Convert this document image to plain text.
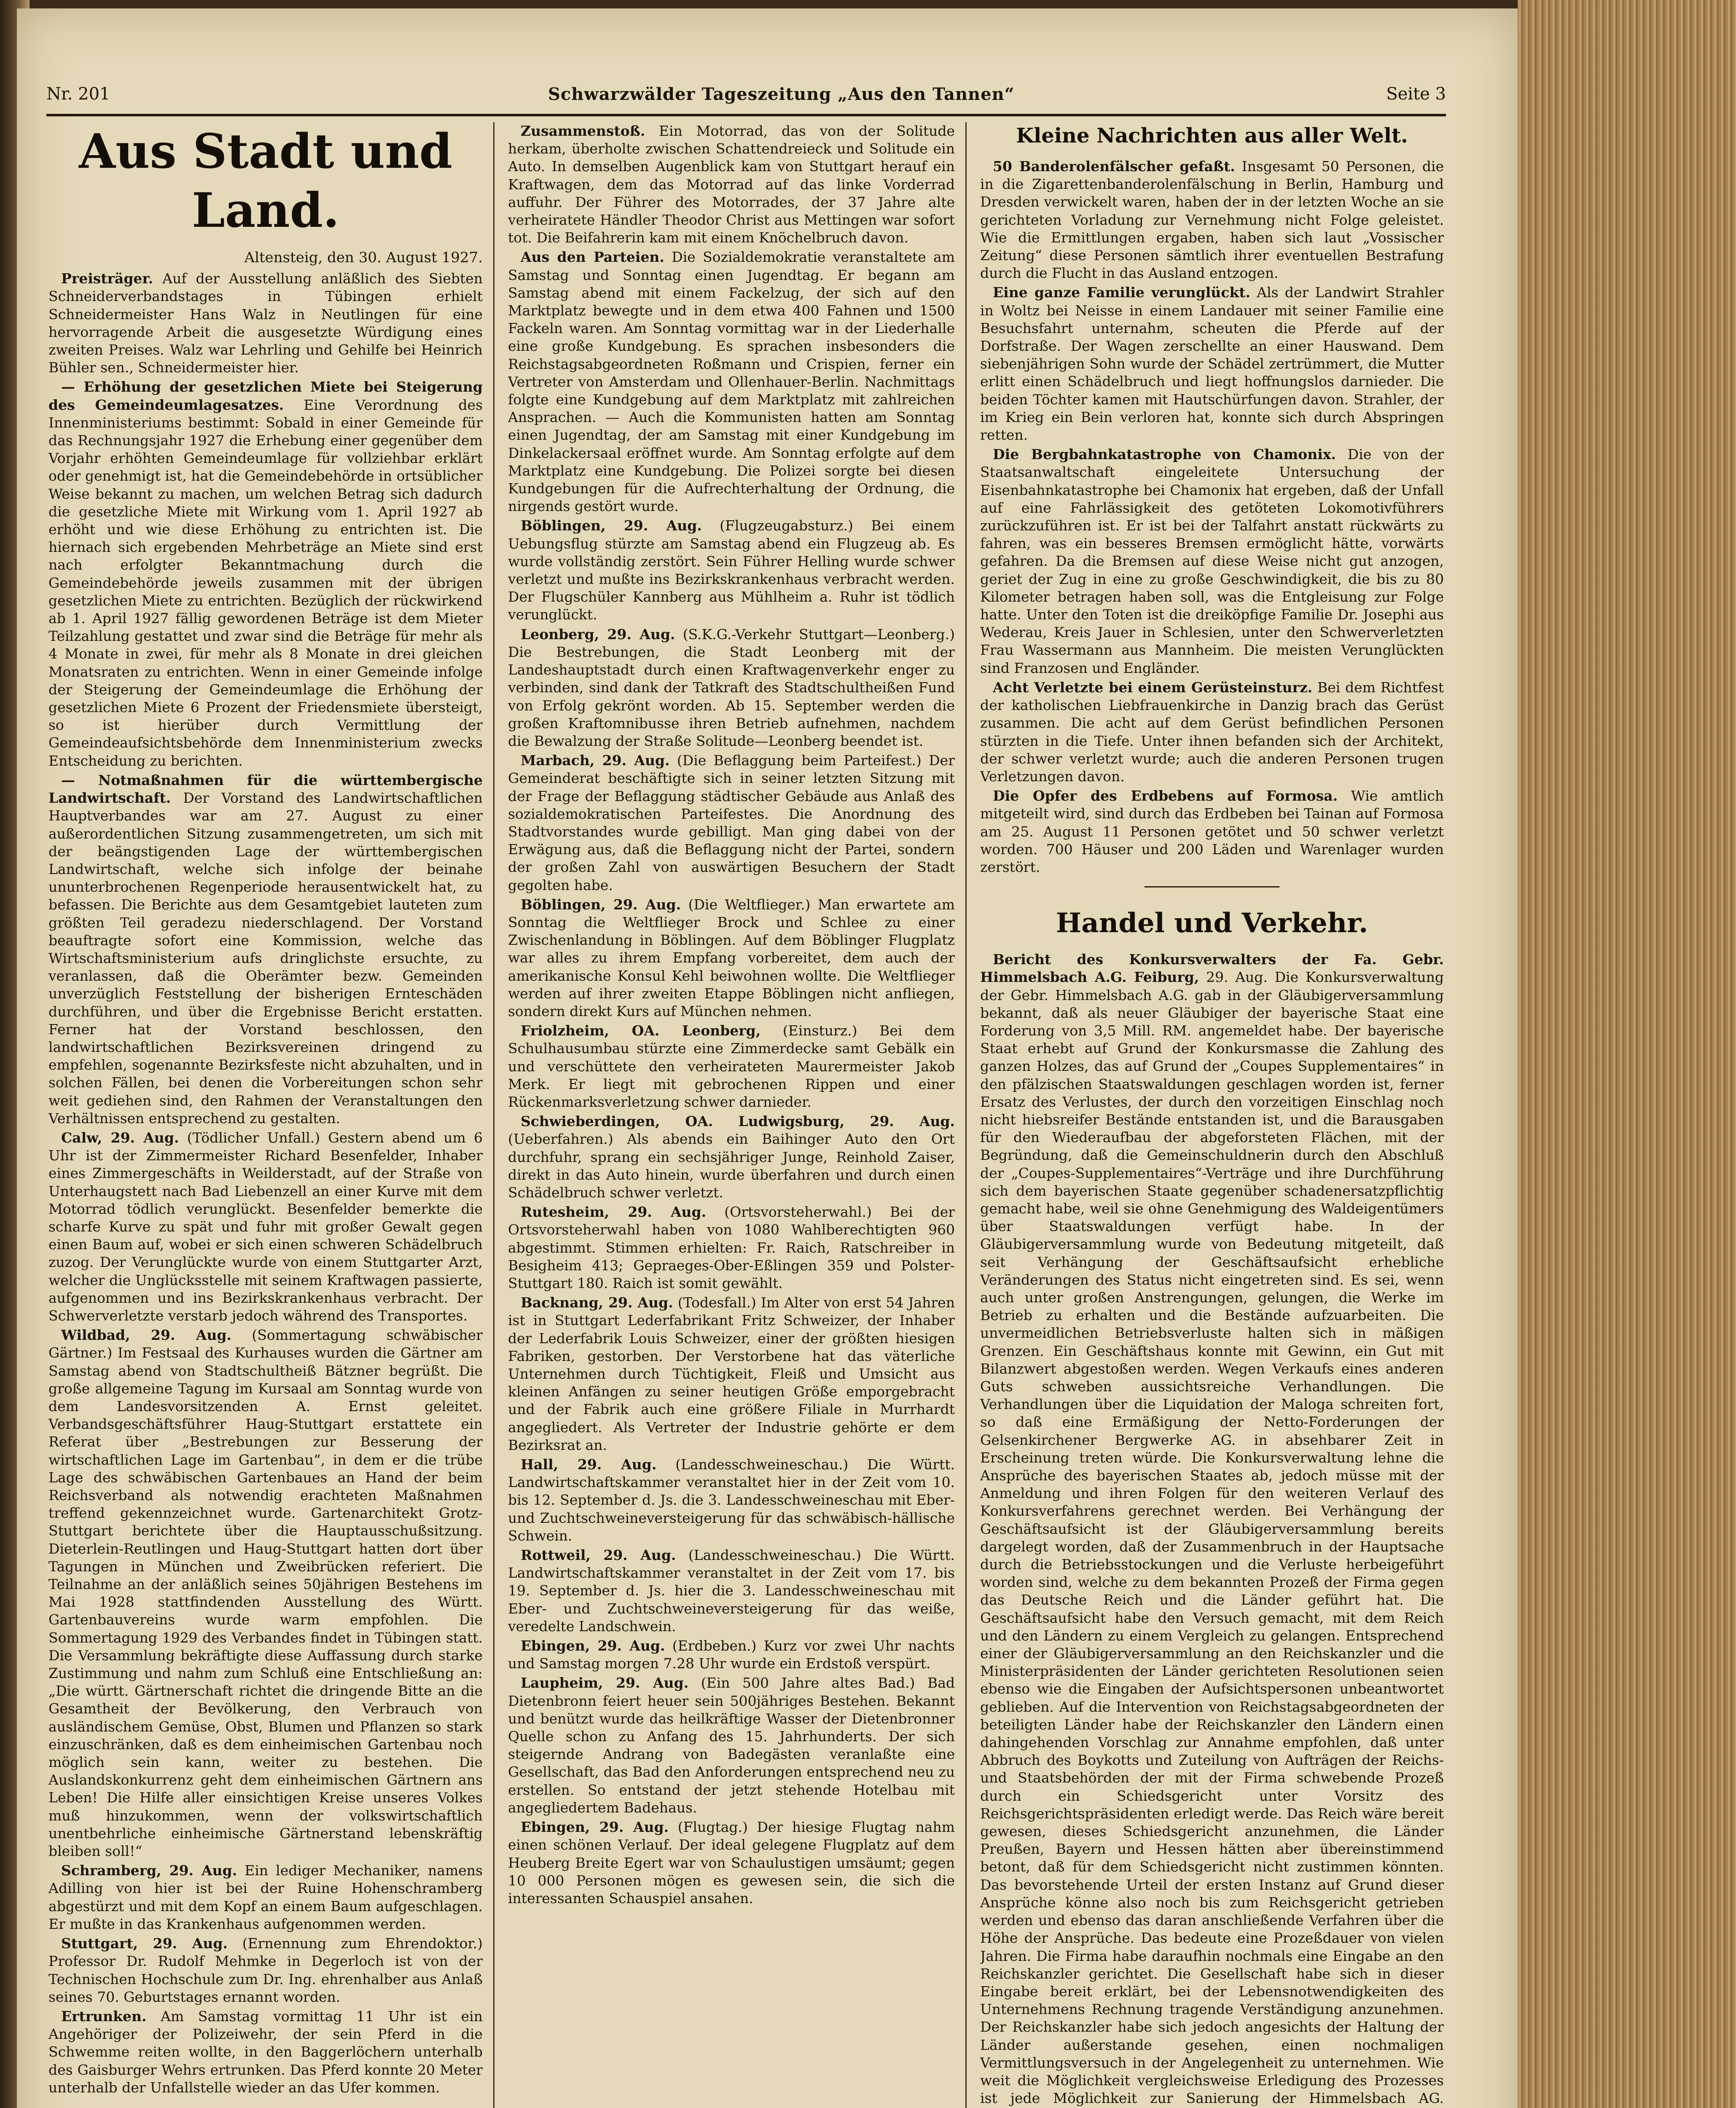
Nr. 201	Schwarzwälder Tageszeitung „Aus den Tannen“	Seite 3
Aus Stadt und Land.
Altensteig, den 30. August 1927.

Preisträger. Auf der Ausstellung anläßlich des Siebten Schneiderverbandstages in Tübingen erhielt Schneidermeister Hans Walz in Neutlingen für eine hervorragende Arbeit die ausgesetzte Würdigung eines zweiten Preises. Walz war Lehrling und Gehilfe bei Heinrich Bühler sen., Schneidermeister hier.

— Erhöhung der gesetzlichen Miete bei Steigerung des Gemeindeumlagesatzes. Eine Verordnung des Innenministeriums bestimmt: Sobald in einer Gemeinde für das Rechnungsjahr 1927 die Erhebung einer gegenüber dem Vorjahr erhöhten Gemeindeumlage für vollziehbar erklärt oder genehmigt ist, hat die Gemeindebehörde in ortsüblicher Weise bekannt zu machen, um welchen Betrag sich dadurch die gesetzliche Miete mit Wirkung vom 1. April 1927 ab erhöht und wie diese Erhöhung zu entrichten ist. Die hiernach sich ergebenden Mehrbeträge an Miete sind erst nach erfolgter Bekanntmachung durch die Gemeindebehörde jeweils zusammen mit der übrigen gesetzlichen Miete zu entrichten. Bezüglich der rückwirkend ab 1. April 1927 fällig gewordenen Beträge ist dem Mieter Teilzahlung gestattet und zwar sind die Beträge für mehr als 4 Monate in zwei, für mehr als 8 Monate in drei gleichen Monatsraten zu entrichten. Wenn in einer Gemeinde infolge der Steigerung der Gemeindeumlage die Erhöhung der gesetzlichen Miete 6 Prozent der Friedensmiete übersteigt, so ist hierüber durch Vermittlung der Gemeindeaufsichtsbehörde dem Innenministerium zwecks Entscheidung zu berichten.

— Notmaßnahmen für die württembergische Landwirtschaft. Der Vorstand des Landwirtschaftlichen Hauptverbandes war am 27. August zu einer außerordentlichen Sitzung zusammengetreten, um sich mit der beängstigenden Lage der württembergischen Landwirtschaft, welche sich infolge der beinahe ununterbrochenen Regenperiode herausentwickelt hat, zu befassen. Die Berichte aus dem Gesamtgebiet lauteten zum größten Teil geradezu niederschlagend. Der Vorstand beauftragte sofort eine Kommission, welche das Wirtschaftsministerium aufs dringlichste ersuchte, zu veranlassen, daß die Oberämter bezw. Gemeinden unverzüglich Feststellung der bisherigen Ernteschäden durchführen, und über die Ergebnisse Bericht erstatten. Ferner hat der Vorstand beschlossen, den landwirtschaftlichen Bezirksvereinen dringend zu empfehlen, sogenannte Bezirksfeste nicht abzuhalten, und in solchen Fällen, bei denen die Vorbereitungen schon sehr weit gediehen sind, den Rahmen der Veranstaltungen den Verhältnissen entsprechend zu gestalten.

Calw, 29. Aug. (Tödlicher Unfall.) Gestern abend um 6 Uhr ist der Zimmermeister Richard Besenfelder, Inhaber eines Zimmergeschäfts in Weilderstadt, auf der Straße von Unterhaugstett nach Bad Liebenzell an einer Kurve mit dem Motorrad tödlich verunglückt. Besenfelder bemerkte die scharfe Kurve zu spät und fuhr mit großer Gewalt gegen einen Baum auf, wobei er sich einen schweren Schädelbruch zuzog. Der Verunglückte wurde von einem Stuttgarter Arzt, welcher die Unglücksstelle mit seinem Kraftwagen passierte, aufgenommen und ins Bezirkskrankenhaus verbracht. Der Schwerverletzte verstarb jedoch während des Transportes.

Wildbad, 29. Aug. (Sommertagung schwäbischer Gärtner.) Im Festsaal des Kurhauses wurden die Gärtner am Samstag abend von Stadtschultheiß Bätzner begrüßt. Die große allgemeine Tagung im Kursaal am Sonntag wurde von dem Landesvorsitzenden A. Ernst geleitet. Verbandsgeschäftsführer Haug-Stuttgart erstattete ein Referat über „Bestrebungen zur Besserung der wirtschaftlichen Lage im Gartenbau“, in dem er die trübe Lage des schwäbischen Gartenbaues an Hand der beim Reichsverband als notwendig erachteten Maßnahmen treffend gekennzeichnet wurde. Gartenarchitekt Grotz-Stuttgart berichtete über die Hauptausschußsitzung. Dieterlein-Reutlingen und Haug-Stuttgart hatten dort über Tagungen in München und Zweibrücken referiert. Die Teilnahme an der anläßlich seines 50jährigen Bestehens im Mai 1928 stattfindenden Ausstellung des Württ. Gartenbauvereins wurde warm empfohlen. Die Sommertagung 1929 des Verbandes findet in Tübingen statt. Die Versammlung bekräftigte diese Auffassung durch starke Zustimmung und nahm zum Schluß eine Entschließung an: „Die württ. Gärtnerschaft richtet die dringende Bitte an die Gesamtheit der Bevölkerung, den Verbrauch von ausländischem Gemüse, Obst, Blumen und Pflanzen so stark einzuschränken, daß es dem einheimischen Gartenbau noch möglich sein kann, weiter zu bestehen. Die Auslandskonkurrenz geht dem einheimischen Gärtnern ans Leben! Die Hilfe aller einsichtigen Kreise unseres Volkes muß hinzukommen, wenn der volkswirtschaftlich unentbehrliche einheimische Gärtnerstand lebenskräftig bleiben soll!“

Schramberg, 29. Aug. Ein lediger Mechaniker, namens Adilling von hier ist bei der Ruine Hohenschramberg abgestürzt und mit dem Kopf an einem Baum aufgeschlagen. Er mußte in das Krankenhaus aufgenommen werden.

Stuttgart, 29. Aug. (Ernennung zum Ehrendoktor.) Professor Dr. Rudolf Mehmke in Degerloch ist von der Technischen Hochschule zum Dr. Ing. ehrenhalber aus Anlaß seines 70. Geburtstages ernannt worden.

Ertrunken. Am Samstag vormittag 11 Uhr ist ein Angehöriger der Polizeiwehr, der sein Pferd in die Schwemme reiten wollte, in den Baggerlöchern unterhalb des Gaisburger Wehrs ertrunken. Das Pferd konnte 20 Meter unterhalb der Unfallstelle wieder an das Ufer kommen.

Zusammenstoß. Ein Motorrad, das von der Solitude herkam, überholte zwischen Schattendreieck und Solitude ein Auto. In demselben Augenblick kam von Stuttgart herauf ein Kraftwagen, dem das Motorrad auf das linke Vorderrad auffuhr. Der Führer des Motorrades, der 37 Jahre alte verheiratete Händler Theodor Christ aus Mettingen war sofort tot. Die Beifahrerin kam mit einem Knöchelbruch davon.

Aus den Parteien. Die Sozialdemokratie veranstaltete am Samstag und Sonntag einen Jugendtag. Er begann am Samstag abend mit einem Fackelzug, der sich auf den Marktplatz bewegte und in dem etwa 400 Fahnen und 1500 Fackeln waren. Am Sonntag vormittag war in der Liederhalle eine große Kundgebung. Es sprachen insbesonders die Reichstagsabgeordneten Roßmann und Crispien, ferner ein Vertreter von Amsterdam und Ollenhauer-Berlin. Nachmittags folgte eine Kundgebung auf dem Marktplatz mit zahlreichen Ansprachen. — Auch die Kommunisten hatten am Sonntag einen Jugendtag, der am Samstag mit einer Kundgebung im Dinkelackersaal eröffnet wurde. Am Sonntag erfolgte auf dem Marktplatz eine Kundgebung. Die Polizei sorgte bei diesen Kundgebungen für die Aufrechterhaltung der Ordnung, die nirgends gestört wurde.

Böblingen, 29. Aug. (Flugzeugabsturz.) Bei einem Uebungsflug stürzte am Samstag abend ein Flugzeug ab. Es wurde vollständig zerstört. Sein Führer Helling wurde schwer verletzt und mußte ins Bezirkskrankenhaus verbracht werden. Der Flugschüler Kannberg aus Mühlheim a. Ruhr ist tödlich verunglückt.

Leonberg, 29. Aug. (S.K.G.-Verkehr Stuttgart—Leonberg.) Die Bestrebungen, die Stadt Leonberg mit der Landeshauptstadt durch einen Kraftwagenverkehr enger zu verbinden, sind dank der Tatkraft des Stadtschultheißen Fund von Erfolg gekrönt worden. Ab 15. September werden die großen Kraftomnibusse ihren Betrieb aufnehmen, nachdem die Bewalzung der Straße Solitude—Leonberg beendet ist.

Marbach, 29. Aug. (Die Beflaggung beim Parteifest.) Der Gemeinderat beschäftigte sich in seiner letzten Sitzung mit der Frage der Beflaggung städtischer Gebäude aus Anlaß des sozialdemokratischen Parteifestes. Die Anordnung des Stadtvorstandes wurde gebilligt. Man ging dabei von der Erwägung aus, daß die Beflaggung nicht der Partei, sondern der großen Zahl von auswärtigen Besuchern der Stadt gegolten habe.

Böblingen, 29. Aug. (Die Weltflieger.) Man erwartete am Sonntag die Weltflieger Brock und Schlee zu einer Zwischenlandung in Böblingen. Auf dem Böblinger Flugplatz war alles zu ihrem Empfang vorbereitet, dem auch der amerikanische Konsul Kehl beiwohnen wollte. Die Weltflieger werden auf ihrer zweiten Etappe Böblingen nicht anfliegen, sondern direkt Kurs auf München nehmen.

Friolzheim, OA. Leonberg, (Einsturz.) Bei dem Schulhausumbau stürzte eine Zimmerdecke samt Gebälk ein und verschüttete den verheirateten Maurermeister Jakob Merk. Er liegt mit gebrochenen Rippen und einer Rückenmarksverletzung schwer darnieder.

Schwieberdingen, OA. Ludwigsburg, 29. Aug. (Ueberfahren.) Als abends ein Baihinger Auto den Ort durchfuhr, sprang ein sechsjähriger Junge, Reinhold Zaiser, direkt in das Auto hinein, wurde überfahren und durch einen Schädelbruch schwer verletzt.

Rutesheim, 29. Aug. (Ortsvorsteherwahl.) Bei der Ortsvorsteherwahl haben von 1080 Wahlberechtigten 960 abgestimmt. Stimmen erhielten: Fr. Raich, Ratschreiber in Besigheim 413; Gepraeges-Ober-Eßlingen 359 und Polster-Stuttgart 180. Raich ist somit gewählt.

Backnang, 29. Aug. (Todesfall.) Im Alter von erst 54 Jahren ist in Stuttgart Lederfabrikant Fritz Schweizer, der Inhaber der Lederfabrik Louis Schweizer, einer der größten hiesigen Fabriken, gestorben. Der Verstorbene hat das väterliche Unternehmen durch Tüchtigkeit, Fleiß und Umsicht aus kleinen Anfängen zu seiner heutigen Größe emporgebracht und der Fabrik auch eine größere Filiale in Murrhardt angegliedert. Als Vertreter der Industrie gehörte er dem Bezirksrat an.

Hall, 29. Aug. (Landesschweineschau.) Die Württ. Landwirtschaftskammer veranstaltet hier in der Zeit vom 10. bis 12. September d. Js. die 3. Landesschweineschau mit Eber- und Zuchtschweineversteigerung für das schwäbisch-hällische Schwein.

Rottweil, 29. Aug. (Landesschweineschau.) Die Württ. Landwirtschaftskammer veranstaltet in der Zeit vom 17. bis 19. September d. Js. hier die 3. Landesschweineschau mit Eber- und Zuchtschweineversteigerung für das weiße, veredelte Landschwein.

Ebingen, 29. Aug. (Erdbeben.) Kurz vor zwei Uhr nachts und Samstag morgen 7.28 Uhr wurde ein Erdstoß verspürt.

Laupheim, 29. Aug. (Ein 500 Jahre altes Bad.) Bad Dietenbronn feiert heuer sein 500jähriges Bestehen. Bekannt und benützt wurde das heilkräftige Wasser der Dietenbronner Quelle schon zu Anfang des 15. Jahrhunderts. Der sich steigernde Andrang von Badegästen veranlaßte eine Gesellschaft, das Bad den Anforderungen entsprechend neu zu erstellen. So entstand der jetzt stehende Hotelbau mit angegliedertem Badehaus.

Ebingen, 29. Aug. (Flugtag.) Der hiesige Flugtag nahm einen schönen Verlauf. Der ideal gelegene Flugplatz auf dem Heuberg Breite Egert war von Schaulustigen umsäumt; gegen 10 000 Personen mögen es gewesen sein, die sich die interessanten Schauspiel ansahen.

Kleine Nachrichten aus aller Welt.

50 Banderolenfälscher gefaßt. Insgesamt 50 Personen, die in die Zigarettenbanderolenfälschung in Berlin, Hamburg und Dresden verwickelt waren, haben der in der letzten Woche an sie gerichteten Vorladung zur Vernehmung nicht Folge geleistet. Wie die Ermittlungen ergaben, haben sich laut „Vossischer Zeitung“ diese Personen sämtlich ihrer eventuellen Bestrafung durch die Flucht in das Ausland entzogen.

Eine ganze Familie verunglückt. Als der Landwirt Strahler in Woltz bei Neisse in einem Landauer mit seiner Familie eine Besuchsfahrt unternahm, scheuten die Pferde auf der Dorfstraße. Der Wagen zerschellte an einer Hauswand. Dem siebenjährigen Sohn wurde der Schädel zertrümmert, die Mutter erlitt einen Schädelbruch und liegt hoffnungslos darnieder. Die beiden Töchter kamen mit Hautschürfungen davon. Strahler, der im Krieg ein Bein verloren hat, konnte sich durch Abspringen retten.

Die Bergbahnkatastrophe von Chamonix. Die von der Staatsanwaltschaft eingeleitete Untersuchung der Eisenbahnkatastrophe bei Chamonix hat ergeben, daß der Unfall auf eine Fahrlässigkeit des getöteten Lokomotivführers zurückzuführen ist. Er ist bei der Talfahrt anstatt rückwärts zu fahren, was ein besseres Bremsen ermöglicht hätte, vorwärts gefahren. Da die Bremsen auf diese Weise nicht gut anzogen, geriet der Zug in eine zu große Geschwindigkeit, die bis zu 80 Kilometer betragen haben soll, was die Entgleisung zur Folge hatte. Unter den Toten ist die dreiköpfige Familie Dr. Josephi aus Wederau, Kreis Jauer in Schlesien, unter den Schwerverletzten Frau Wassermann aus Mannheim. Die meisten Verunglückten sind Franzosen und Engländer.

Acht Verletzte bei einem Gerüsteinsturz. Bei dem Richtfest der katholischen Liebfrauenkirche in Danzig brach das Gerüst zusammen. Die acht auf dem Gerüst befindlichen Personen stürzten in die Tiefe. Unter ihnen befanden sich der Architekt, der schwer verletzt wurde; auch die anderen Personen trugen Verletzungen davon.

Die Opfer des Erdbebens auf Formosa. Wie amtlich mitgeteilt wird, sind durch das Erdbeben bei Tainan auf Formosa am 25. August 11 Personen getötet und 50 schwer verletzt worden. 700 Häuser und 200 Läden und Warenlager wurden zerstört.

Handel und Verkehr.

Bericht des Konkursverwalters der Fa. Gebr. Himmelsbach A.G. Feiburg, 29. Aug. Die Konkursverwaltung der Gebr. Himmelsbach A.G. gab in der Gläubigerversammlung bekannt, daß als neuer Gläubiger der bayerische Staat eine Forderung von 3,5 Mill. RM. angemeldet habe. Der bayerische Staat erhebt auf Grund der Konkursmasse die Zahlung des ganzen Holzes, das auf Grund der „Coupes Supplementaires“ in den pfälzischen Staatswaldungen geschlagen worden ist, ferner Ersatz des Verlustes, der durch den vorzeitigen Einschlag noch nicht hiebsreifer Bestände entstanden ist, und die Barausgaben für den Wiederaufbau der abgeforsteten Flächen, mit der Begründung, daß die Gemeinschuldnerin durch den Abschluß der „Coupes-Supplementaires“-Verträge und ihre Durchführung sich dem bayerischen Staate gegenüber schadenersatzpflichtig gemacht habe, weil sie ohne Genehmigung des Waldeigentümers über Staatswaldungen verfügt habe. In der Gläubigerversammlung wurde von Bedeutung mitgeteilt, daß seit Verhängung der Geschäftsaufsicht erhebliche Veränderungen des Status nicht eingetreten sind. Es sei, wenn auch unter großen Anstrengungen, gelungen, die Werke im Betrieb zu erhalten und die Bestände aufzuarbeiten. Die unvermeidlichen Betriebsverluste halten sich in mäßigen Grenzen. Ein Geschäftshaus konnte mit Gewinn, ein Gut mit Bilanzwert abgestoßen werden. Wegen Verkaufs eines anderen Guts schweben aussichtsreiche Verhandlungen. Die Verhandlungen über die Liquidation der Maloga schreiten fort, so daß eine Ermäßigung der Netto-Forderungen der Gelsenkirchener Bergwerke AG. in absehbarer Zeit in Erscheinung treten würde. Die Konkursverwaltung lehne die Ansprüche des bayerischen Staates ab, jedoch müsse mit der Anmeldung und ihren Folgen für den weiteren Verlauf des Konkursverfahrens gerechnet werden. Bei Verhängung der Geschäftsaufsicht ist der Gläubigerversammlung bereits dargelegt worden, daß der Zusammenbruch in der Hauptsache durch die Betriebsstockungen und die Verluste herbeigeführt worden sind, welche zu dem bekannten Prozeß der Firma gegen das Deutsche Reich und die Länder geführt hat. Die Geschäftsaufsicht habe den Versuch gemacht, mit dem Reich und den Ländern zu einem Vergleich zu gelangen. Entsprechend einer der Gläubigerversammlung an den Reichskanzler und die Ministerpräsidenten der Länder gerichteten Resolutionen seien ebenso wie die Eingaben der Aufsichtspersonen unbeantwortet geblieben. Auf die Intervention von Reichstagsabgeordneten der beteiligten Länder habe der Reichskanzler den Ländern einen dahingehenden Vorschlag zur Annahme empfohlen, daß unter Abbruch des Boykotts und Zuteilung von Aufträgen der Reichs- und Staatsbehörden der mit der Firma schwebende Prozeß durch ein Schiedsgericht unter Vorsitz des Reichsgerichtspräsidenten erledigt werde. Das Reich wäre bereit gewesen, dieses Schiedsgericht anzunehmen, die Länder Preußen, Bayern und Hessen hätten aber übereinstimmend betont, daß für dem Schiedsgericht nicht zustimmen könnten. Das bevorstehende Urteil der ersten Instanz auf Grund dieser Ansprüche könne also noch bis zum Reichsgericht getrieben werden und ebenso das daran anschließende Verfahren über die Höhe der Ansprüche. Das bedeute eine Prozeßdauer von vielen Jahren. Die Firma habe daraufhin nochmals eine Eingabe an den Reichskanzler gerichtet. Die Gesellschaft habe sich in dieser Eingabe bereit erklärt, bei der Lebensnotwendigkeiten des Unternehmens Rechnung tragende Verständigung anzunehmen. Der Reichskanzler habe sich jedoch angesichts der Haltung der Länder außerstande gesehen, einen nochmaligen Vermittlungsversuch in der Angelegenheit zu unternehmen. Wie weit die Möglichkeit vergleichsweise Erledigung des Prozesses ist jede Möglichkeit zur Sanierung der Himmelsbach AG.
